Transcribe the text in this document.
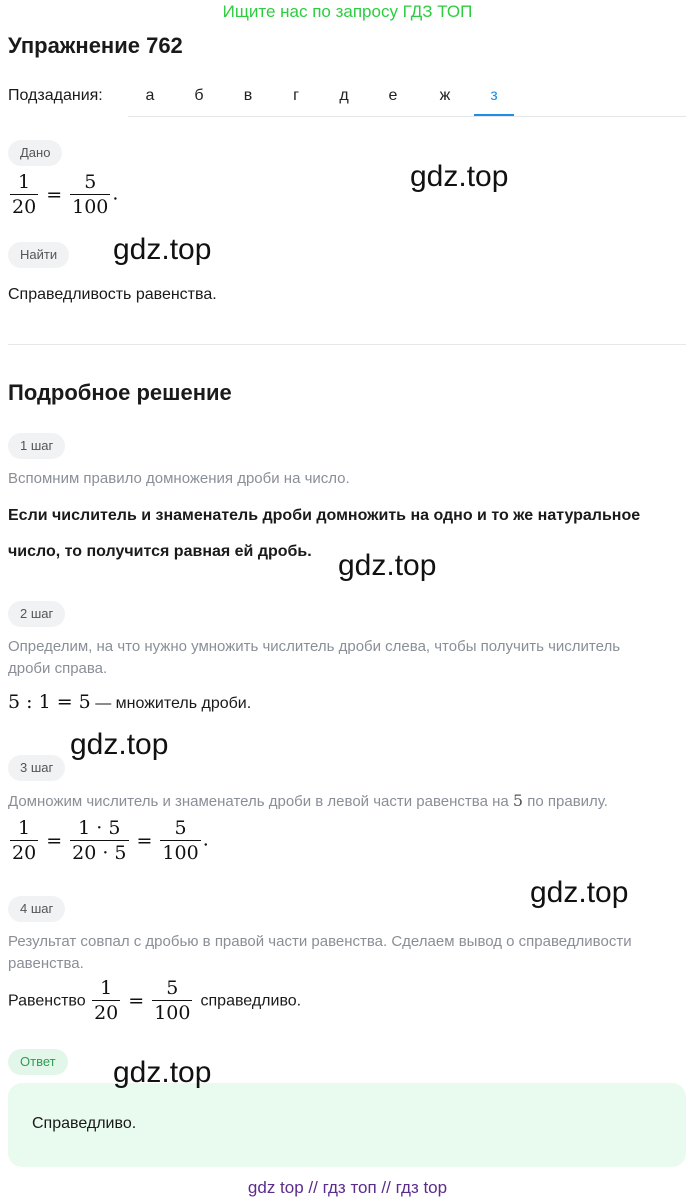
Ищите нас по запросу ГДЗ ТОП
Упражнение 762
Подзадания:	а	б	в	г	д	е	ж	з
Дано
$\frac{1}{20} = \frac{5}{100}$ .
gdz.top
Найти	gdz.top
Справедливость равенства.
Подробное решение
1 шаг
Вспомним правило домножения дроби на число.
Если числитель и знаменатель дроби домножить на одно и то же натуральное
число, то получится равная ей дробь. gdz.top
2 шаг
Определим, на что нужно умножить числитель дроби слева, чтобы получить числитель
дроби справа.
5 : 1 = 5 — множитель дроби.
gdz.top
3 шаг
Домножим числитель и знаменатель дроби в левой части равенства на 5 по правилу.
$\frac{1}{20} = \frac{1 \cdot 5}{20 \cdot 5} = \frac{5}{100}$ .
gdz.top
4 шаг
Результат совпал с дробью в правой части равенства. Сделаем вывод о справедливости
равенства.
Равенство $\frac{1}{20} = \frac{5}{100}$ справедливо.
Ответ	gdz.top
Справедливо.
gdz top // гдз топ // гдз top
